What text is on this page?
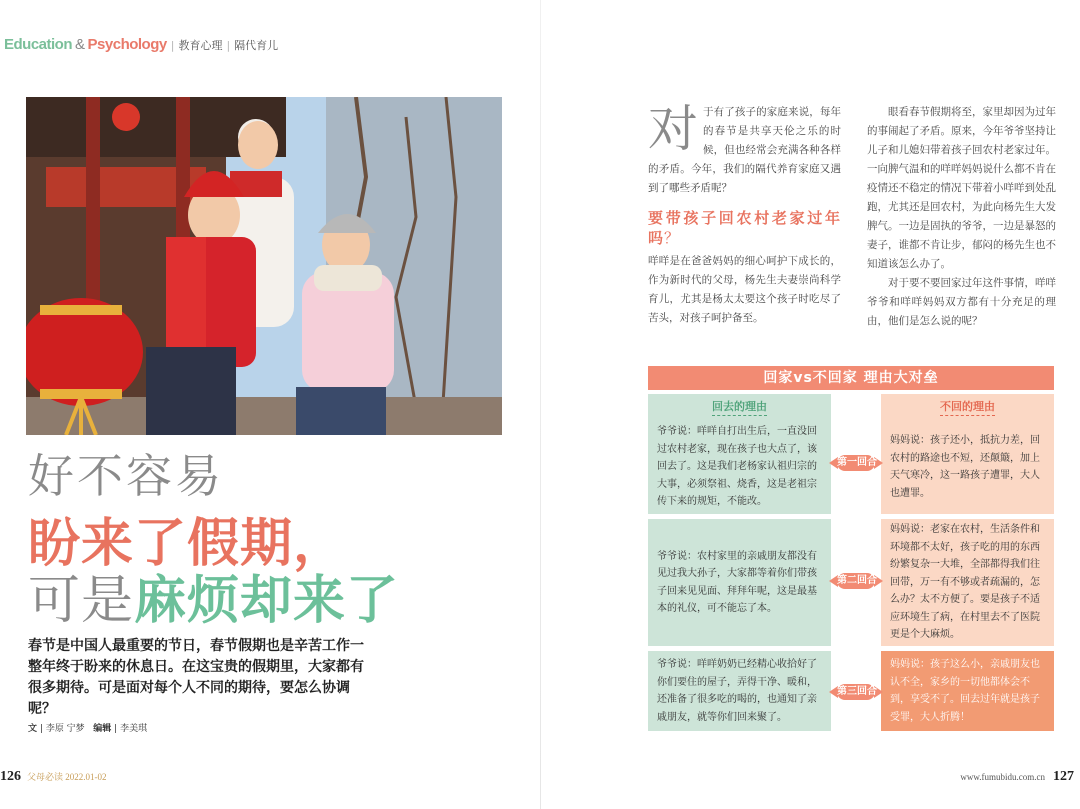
Education & Psychology | 教育心理 | 隔代育儿
好不容易
盼来了假期，
可是麻烦却来了
春节是中国人最重要的节日，春节假期也是辛苦工作一整年终于盼来的休息日。在这宝贵的假期里，大家都有很多期待。可是面对每个人不同的期待，要怎么协调呢？
文 | 李原 宁梦 编辑 | 李美琪
126 父母必读 2022.01-02	www.fumubidu.com.cn 127
对 于有了孩子的家庭来说，每年的春节是共享天伦之乐的时候，但也经常会充满各种各样的矛盾。今年，我们的隔代养育家庭又遇到了哪些矛盾呢？

要带孩子回农村老家过年吗？

咩咩是在爸爸妈妈的细心呵护下成长的，作为新时代的父母，杨先生夫妻崇尚科学育儿，尤其是杨太太要这个孩子时吃尽了苦头，对孩子呵护备至。

眼看春节假期将至，家里却因为过年的事闹起了矛盾。原来，今年爷爷坚持让儿子和儿媳妇带着孩子回农村老家过年。一向脾气温和的咩咩妈妈说什么都不肯在疫情还不稳定的情况下带着小咩咩到处乱跑，尤其还是回农村，为此向杨先生大发脾气。一边是固执的爷爷，一边是暴怒的妻子，谁都不肯让步，郁闷的杨先生也不知道该怎么办了。

对于要不要回家过年这件事情，咩咩爷爷和咩咩妈妈双方都有十分充足的理由，他们是怎么说的呢？

回家vs不回家 理由大对垒
回去的理由	不回的理由

爷爷说：咩咩自打出生后，一直没回过农村老家，现在孩子也大点了，该回去了。这是我们老杨家认祖归宗的大事，必须祭祖、烧香，这是老祖宗传下来的规矩，不能改。

妈妈说：孩子还小，抵抗力差，回农村的路途也不短，还颠簸，加上天气寒冷，这一路孩子遭罪，大人也遭罪。

第一回合

爷爷说：农村家里的亲戚朋友都没有见过我大孙子，大家都等着你们带孩子回来见见面、拜拜年呢，这是最基本的礼仪，可不能忘了本。

妈妈说：老家在农村，生活条件和环境都不太好，孩子吃的用的东西纷繁复杂一大堆，全部都得我们往回带，万一有不够或者疏漏的，怎么办？太不方便了。要是孩子不适应环境生了病，在村里去不了医院更是个大麻烦。

第二回合

爷爷说：咩咩奶奶已经精心收拾好了你们要住的屋子，弄得干净、暖和，还准备了很多吃的喝的，也通知了亲戚朋友，就等你们回来聚了。

妈妈说：孩子这么小，亲戚朋友也认不全，家乡的一切他都体会不到，享受不了。回去过年就是孩子受罪，大人折腾！

第三回合
